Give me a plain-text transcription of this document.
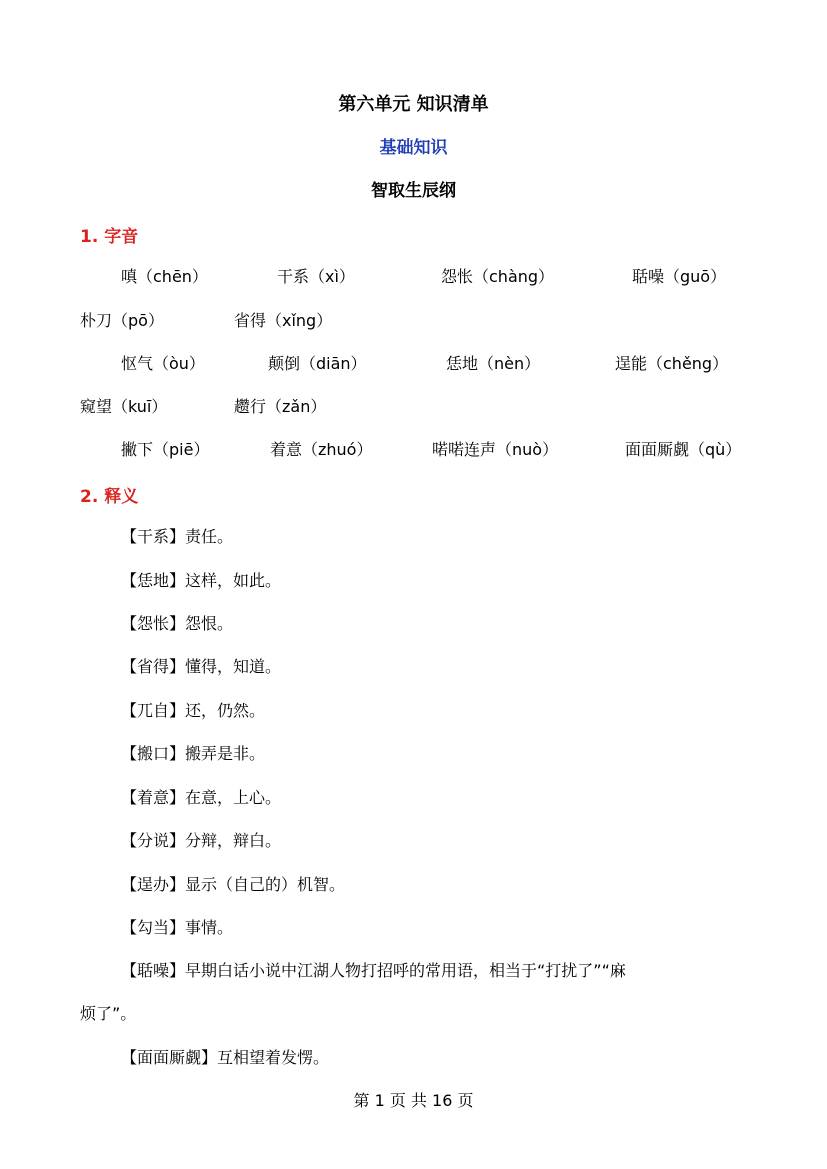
第六单元 知识清单
基础知识
智取生辰纲
1. 字音
嗔（chēn）	干系（xì）	怨怅（chàng）	聒噪（guō）
朴刀（pō）	省得（xǐng）
怄气（òu）	颠倒（diān）	恁地（nèn）	逞能（chěng）
窥望（kuī）	趱行（zǎn）
撇下（piē）	着意（zhuó）	喏喏连声（nuò）	面面厮觑（qù）
2. 释义
【干系】责任。
【恁地】这样，如此。
【怨怅】怨恨。
【省得】懂得，知道。
【兀自】还，仍然。
【搬口】搬弄是非。
【着意】在意，上心。
【分说】分辩，辩白。
【逞办】显示（自己的）机智。
【勾当】事情。
【聒噪】早期白话小说中江湖人物打招呼的常用语，相当于“打扰了”“麻
烦了”。
【面面厮觑】互相望着发愣。
第 1 页 共 16 页
